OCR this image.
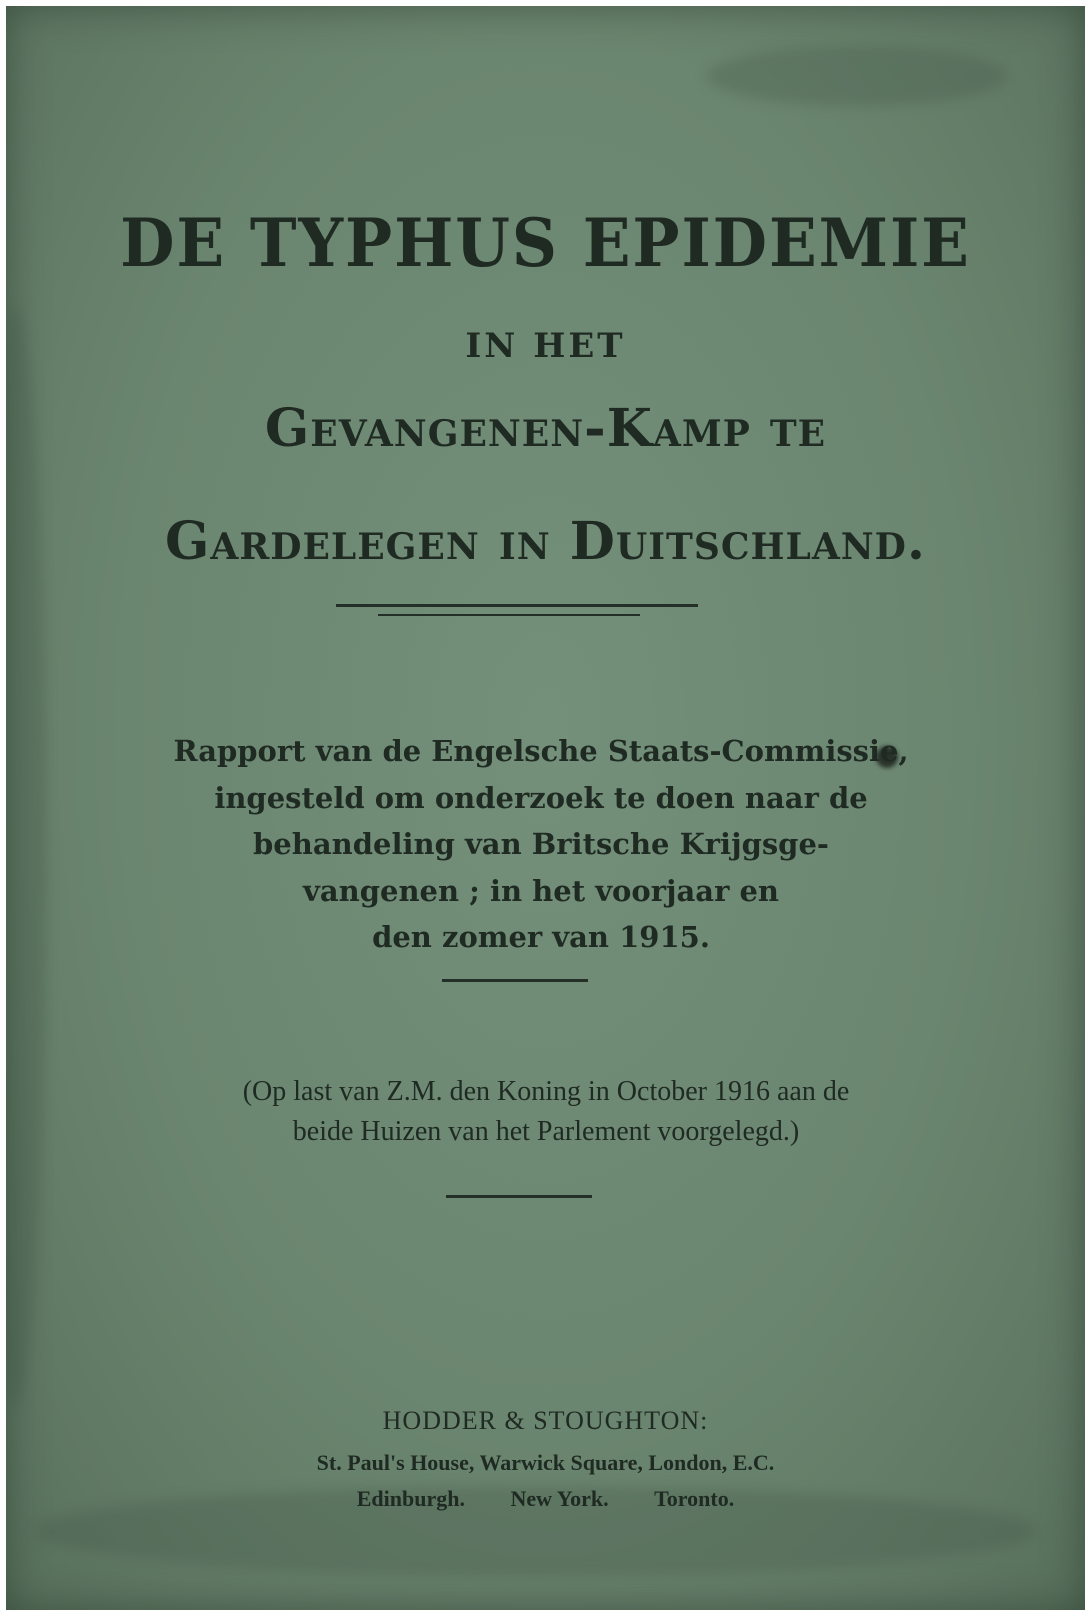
DE TYPHUS EPIDEMIE
IN HET
Gevangenen-Kamp te
Gardelegen in Duitschland.
Rapport van de Engelsche Staats-Commissie,
ingesteld om onderzoek te doen naar de
behandeling van Britsche Krijgsge-
vangenen ; in het voorjaar en
den zomer van 1915.
(Op last van Z.M. den Koning in October 1916 aan de
beide Huizen van het Parlement voorgelegd.)
HODDER & STOUGHTON:
St. Paul's House, Warwick Square, London, E.C.
Edinburgh. New York. Toronto.
